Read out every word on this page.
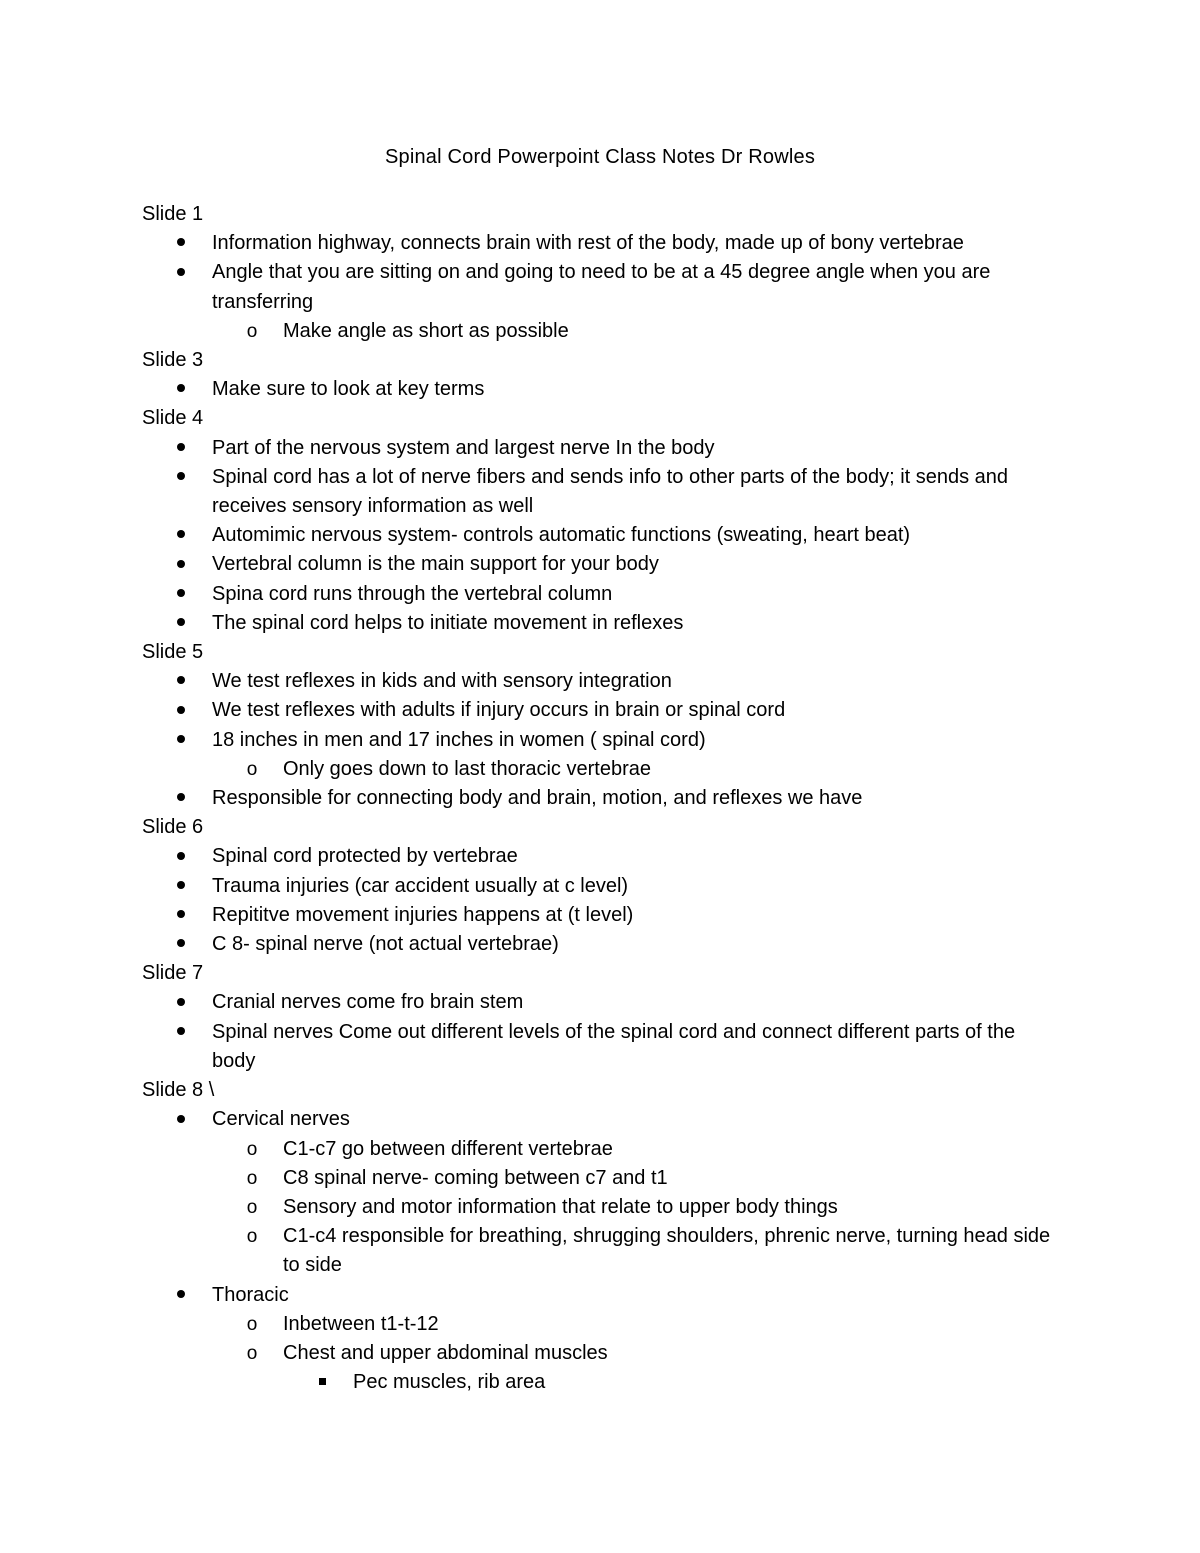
Spinal Cord Powerpoint Class Notes Dr Rowles
Slide 1
Information highway, connects brain with rest of the body, made up of bony vertebrae
Angle that you are sitting on and going to need to be at a 45 degree angle when you are transferring
o Make angle as short as possible
Slide 3
Make sure to look at key terms
Slide 4
Part of the nervous system and largest nerve In the body
Spinal cord has a lot of nerve fibers and sends info to other parts of the body; it sends and receives sensory information as well
Automimic nervous system- controls automatic functions (sweating, heart beat)
Vertebral column is the main support for your body
Spina cord runs through the vertebral column
The spinal cord helps to initiate movement in reflexes
Slide 5
We test reflexes in kids and with sensory integration
We test reflexes with adults if injury occurs in brain or spinal cord
18 inches in men and 17 inches in women ( spinal cord)
o Only goes down to last thoracic vertebrae
Responsible for connecting body and brain, motion, and reflexes we have
Slide 6
Spinal cord protected by vertebrae
Trauma injuries (car accident usually at c level)
Repititve movement injuries happens at (t level)
C 8- spinal nerve (not actual vertebrae)
Slide 7
Cranial nerves come fro brain stem
Spinal nerves Come out different levels of the spinal cord and connect different parts of the body
Slide 8 \
Cervical nerves
o C1-c7 go between different vertebrae
o C8 spinal nerve- coming between c7 and t1
o Sensory and motor information that relate to upper body things
o C1-c4 responsible for breathing, shrugging shoulders, phrenic nerve, turning head side to side
Thoracic
o Inbetween t1-t-12
o Chest and upper abdominal muscles
Pec muscles, rib area
